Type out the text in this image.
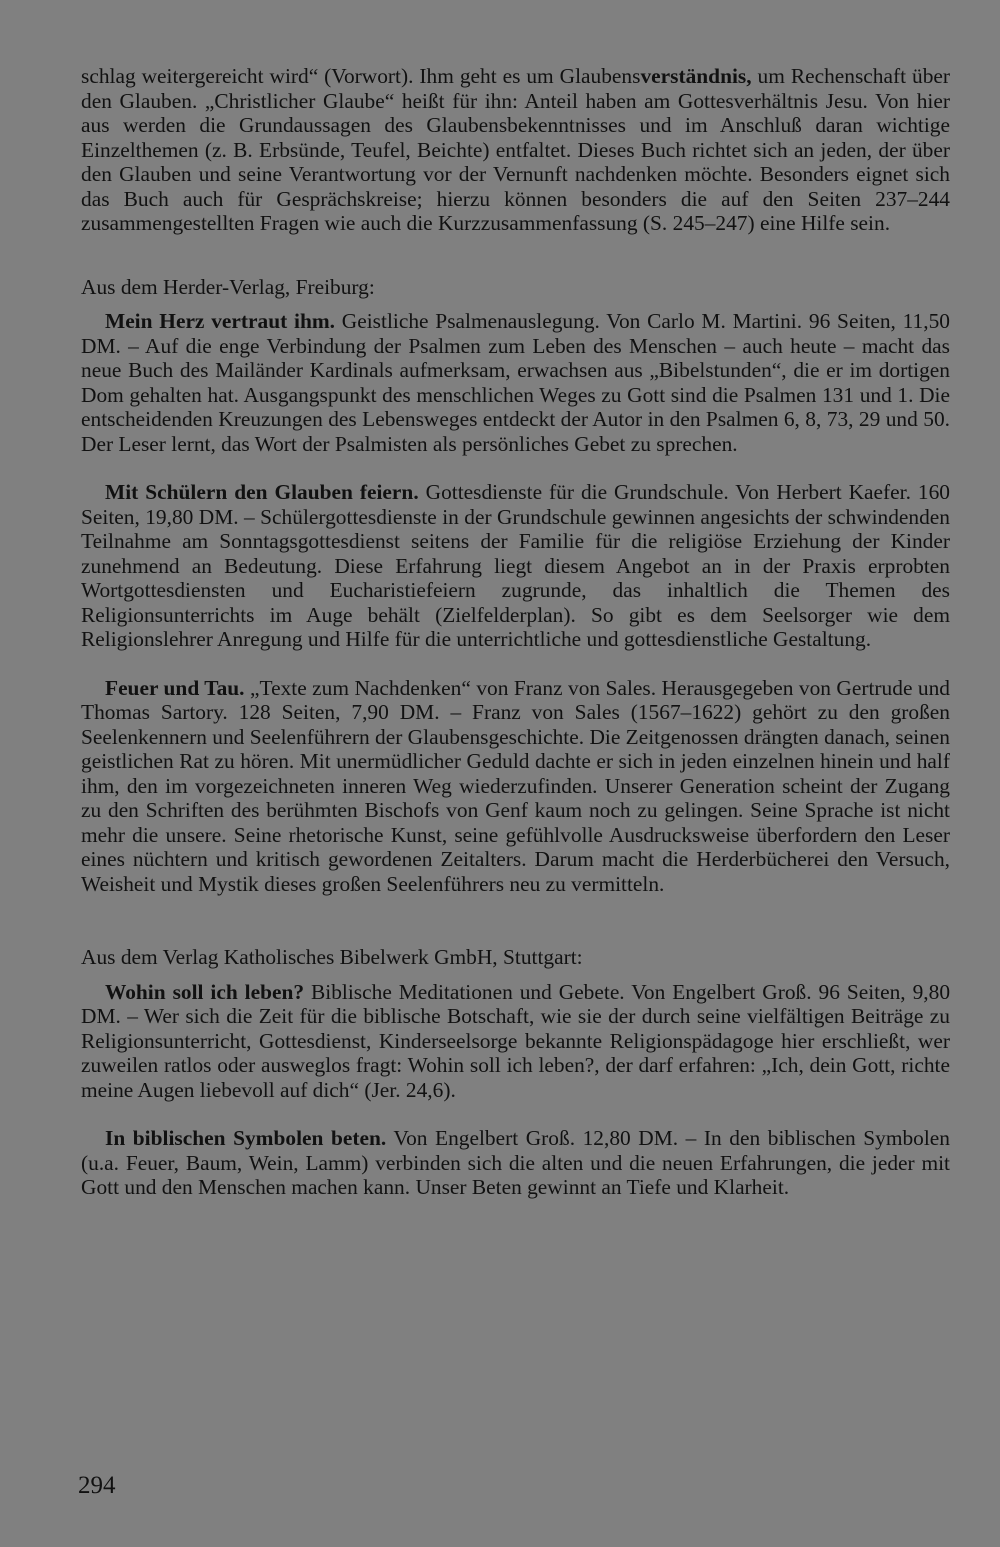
schlag weitergereicht wird“ (Vorwort). Ihm geht es um Glaubensverständnis, um Rechenschaft über den Glauben. „Christlicher Glaube“ heißt für ihn: Anteil haben am Gottesverhältnis Jesu. Von hier aus werden die Grundaussagen des Glaubensbekenntnisses und im Anschluß daran wichtige Einzelthemen (z. B. Erbsünde, Teufel, Beichte) entfaltet. Dieses Buch richtet sich an jeden, der über den Glauben und seine Verantwortung vor der Vernunft nachdenken möchte. Besonders eignet sich das Buch auch für Gesprächskreise; hierzu können besonders die auf den Seiten 237–244 zusammengestellten Fragen wie auch die Kurzzusammenfassung (S. 245–247) eine Hilfe sein.

Aus dem Herder-Verlag, Freiburg:

Mein Herz vertraut ihm. Geistliche Psalmenauslegung. Von Carlo M. Martini. 96 Seiten, 11,50 DM. – Auf die enge Verbindung der Psalmen zum Leben des Menschen – auch heute – macht das neue Buch des Mailänder Kardinals aufmerksam, erwachsen aus „Bibelstunden“, die er im dortigen Dom gehalten hat. Ausgangspunkt des menschlichen Weges zu Gott sind die Psalmen 131 und 1. Die entscheidenden Kreuzungen des Lebensweges entdeckt der Autor in den Psalmen 6, 8, 73, 29 und 50. Der Leser lernt, das Wort der Psalmisten als persönliches Gebet zu sprechen.

Mit Schülern den Glauben feiern. Gottesdienste für die Grundschule. Von Herbert Kaefer. 160 Seiten, 19,80 DM. – Schülergottesdienste in der Grundschule gewinnen angesichts der schwindenden Teilnahme am Sonntagsgottesdienst seitens der Familie für die religiöse Erziehung der Kinder zunehmend an Bedeutung. Diese Erfahrung liegt diesem Angebot an in der Praxis erprobten Wortgottesdiensten und Eucharistiefeiern zugrunde, das inhaltlich die Themen des Religionsunterrichts im Auge behält (Zielfelderplan). So gibt es dem Seelsorger wie dem Religionslehrer Anregung und Hilfe für die unterrichtliche und gottesdienstliche Gestaltung.

Feuer und Tau. „Texte zum Nachdenken“ von Franz von Sales. Herausgegeben von Gertrude und Thomas Sartory. 128 Seiten, 7,90 DM. – Franz von Sales (1567–1622) gehört zu den großen Seelenkennern und Seelenführern der Glaubensgeschichte. Die Zeitgenossen drängten danach, seinen geistlichen Rat zu hören. Mit unermüdlicher Geduld dachte er sich in jeden einzelnen hinein und half ihm, den im vorgezeichneten inneren Weg wiederzufinden. Unserer Generation scheint der Zugang zu den Schriften des berühmten Bischofs von Genf kaum noch zu gelingen. Seine Sprache ist nicht mehr die unsere. Seine rhetorische Kunst, seine gefühlvolle Ausdrucksweise überfordern den Leser eines nüchtern und kritisch gewordenen Zeitalters. Darum macht die Herderbücherei den Versuch, Weisheit und Mystik dieses großen Seelenführers neu zu vermitteln.

Aus dem Verlag Katholisches Bibelwerk GmbH, Stuttgart:

Wohin soll ich leben? Biblische Meditationen und Gebete. Von Engelbert Groß. 96 Seiten, 9,80 DM. – Wer sich die Zeit für die biblische Botschaft, wie sie der durch seine vielfältigen Beiträge zu Religionsunterricht, Gottesdienst, Kinderseelsorge bekannte Religionspädagoge hier erschließt, wer zuweilen ratlos oder ausweglos fragt: Wohin soll ich leben?, der darf erfahren: „Ich, dein Gott, richte meine Augen liebevoll auf dich“ (Jer. 24,6).

In biblischen Symbolen beten. Von Engelbert Groß. 12,80 DM. – In den biblischen Symbolen (u.a. Feuer, Baum, Wein, Lamm) verbinden sich die alten und die neuen Erfahrungen, die jeder mit Gott und den Menschen machen kann. Unser Beten gewinnt an Tiefe und Klarheit.

294
